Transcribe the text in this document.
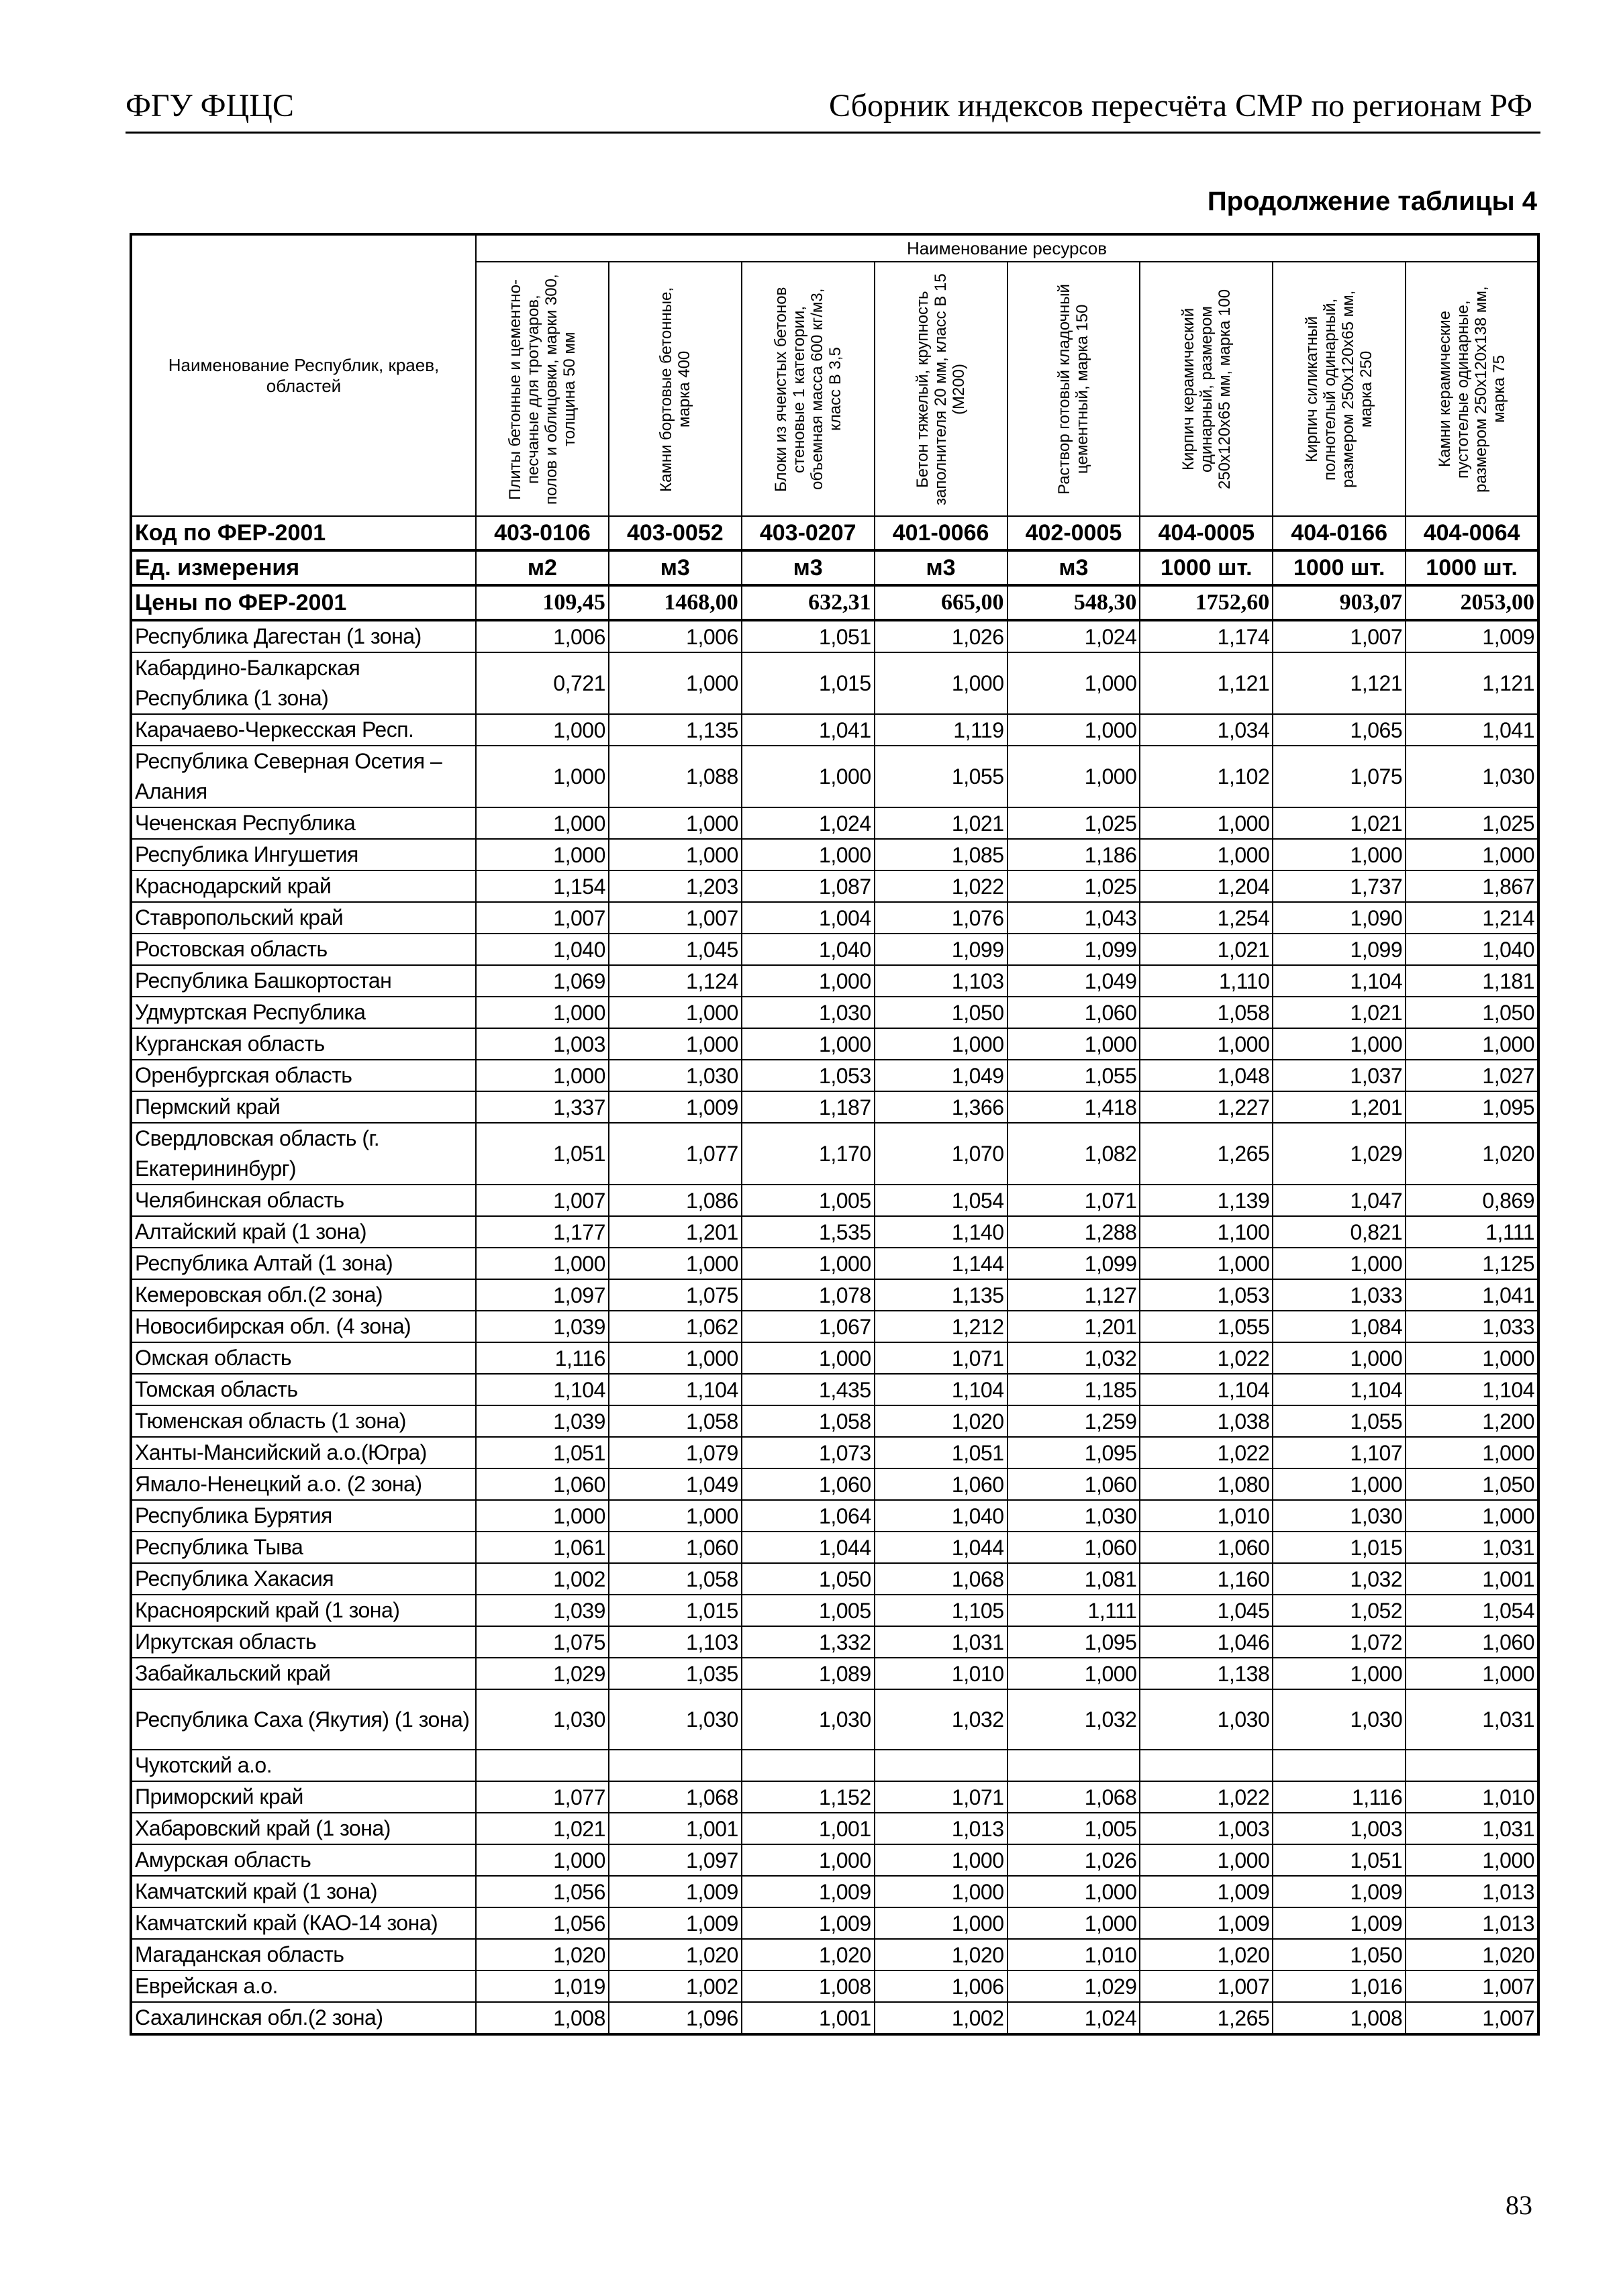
ФГУ ФЦЦС	Сборник индексов пересчёта СМР по регионам РФ
Продолжение таблицы 4
Наименование Республик, краев, областей	Наименование ресурсов							

	Плиты бетонные и цементно-песчаные для тротуаров, полов и облицовки, марки 300, толщина 50 мм	Камни бортовые бетонные, марка 400	Блоки из ячеистых бетонов стеновые 1 категории, объемная масса 600 кг/м3, класс В 3,5	Бетон тяжелый, крупность заполнителя 20 мм, класс В 15 (М200)	Раствор готовый кладочный цементный, марка 150	Кирпич керамический одинарный, размером 250х120х65 мм, марка 100	Кирпич силикатный полнотелый одинарный, размером 250х120х65 мм, марка 250	Камни керамические пустотелые одинарные, размером 250х120х138 мм, марка 75

Код по ФЕР-2001	403-0106	403-0052	403-0207	401-0066	402-0005	404-0005	404-0166	404-0064
Ед. измерения	м2	м3	м3	м3	м3	1000 шт.	1000 шт.	1000 шт.
Цены по ФЕР-2001	109,45	1468,00	632,31	665,00	548,30	1752,60	903,07	2053,00
Республика Дагестан (1 зона)	1,006	1,006	1,051	1,026	1,024	1,174	1,007	1,009
Кабардино-Балкарская Республика (1 зона)	0,721	1,000	1,015	1,000	1,000	1,121	1,121	1,121
Карачаево-Черкесская Респ.	1,000	1,135	1,041	1,119	1,000	1,034	1,065	1,041
Республика Северная Осетия – Алания	1,000	1,088	1,000	1,055	1,000	1,102	1,075	1,030
Чеченская Республика	1,000	1,000	1,024	1,021	1,025	1,000	1,021	1,025
Республика Ингушетия	1,000	1,000	1,000	1,085	1,186	1,000	1,000	1,000
Краснодарский край	1,154	1,203	1,087	1,022	1,025	1,204	1,737	1,867
Ставропольский край	1,007	1,007	1,004	1,076	1,043	1,254	1,090	1,214
Ростовская область	1,040	1,045	1,040	1,099	1,099	1,021	1,099	1,040
Республика Башкортостан	1,069	1,124	1,000	1,103	1,049	1,110	1,104	1,181
Удмуртская Республика	1,000	1,000	1,030	1,050	1,060	1,058	1,021	1,050
Курганская область	1,003	1,000	1,000	1,000	1,000	1,000	1,000	1,000
Оренбургская область	1,000	1,030	1,053	1,049	1,055	1,048	1,037	1,027
Пермский край	1,337	1,009	1,187	1,366	1,418	1,227	1,201	1,095
Свердловская область (г. Екатерининбург)	1,051	1,077	1,170	1,070	1,082	1,265	1,029	1,020
Челябинская область	1,007	1,086	1,005	1,054	1,071	1,139	1,047	0,869
Алтайский край (1 зона)	1,177	1,201	1,535	1,140	1,288	1,100	0,821	1,111
Республика Алтай (1 зона)	1,000	1,000	1,000	1,144	1,099	1,000	1,000	1,125
Кемеровская обл.(2 зона)	1,097	1,075	1,078	1,135	1,127	1,053	1,033	1,041
Новосибирская обл. (4 зона)	1,039	1,062	1,067	1,212	1,201	1,055	1,084	1,033
Омская область	1,116	1,000	1,000	1,071	1,032	1,022	1,000	1,000
Томская область	1,104	1,104	1,435	1,104	1,185	1,104	1,104	1,104
Тюменская область (1 зона)	1,039	1,058	1,058	1,020	1,259	1,038	1,055	1,200
Ханты-Мансийский а.о.(Югра)	1,051	1,079	1,073	1,051	1,095	1,022	1,107	1,000
Ямало-Ненецкий а.о. (2 зона)	1,060	1,049	1,060	1,060	1,060	1,080	1,000	1,050
Республика Бурятия	1,000	1,000	1,064	1,040	1,030	1,010	1,030	1,000
Республика Тыва	1,061	1,060	1,044	1,044	1,060	1,060	1,015	1,031
Республика Хакасия	1,002	1,058	1,050	1,068	1,081	1,160	1,032	1,001
Красноярский край (1 зона)	1,039	1,015	1,005	1,105	1,111	1,045	1,052	1,054
Иркутская область	1,075	1,103	1,332	1,031	1,095	1,046	1,072	1,060
Забайкальский край	1,029	1,035	1,089	1,010	1,000	1,138	1,000	1,000
Республика Саха (Якутия) (1 зона)	1,030	1,030	1,030	1,032	1,032	1,030	1,030	1,031
Чукотский а.о.								
Приморский край	1,077	1,068	1,152	1,071	1,068	1,022	1,116	1,010
Хабаровский край (1 зона)	1,021	1,001	1,001	1,013	1,005	1,003	1,003	1,031
Амурская область	1,000	1,097	1,000	1,000	1,026	1,000	1,051	1,000
Камчатский край (1 зона)	1,056	1,009	1,009	1,000	1,000	1,009	1,009	1,013
Камчатский край (КАО-14 зона)	1,056	1,009	1,009	1,000	1,000	1,009	1,009	1,013
Магаданская область	1,020	1,020	1,020	1,020	1,010	1,020	1,050	1,020
Еврейская а.о.	1,019	1,002	1,008	1,006	1,029	1,007	1,016	1,007
Сахалинская обл.(2 зона)	1,008	1,096	1,001	1,002	1,024	1,265	1,008	1,007
83
